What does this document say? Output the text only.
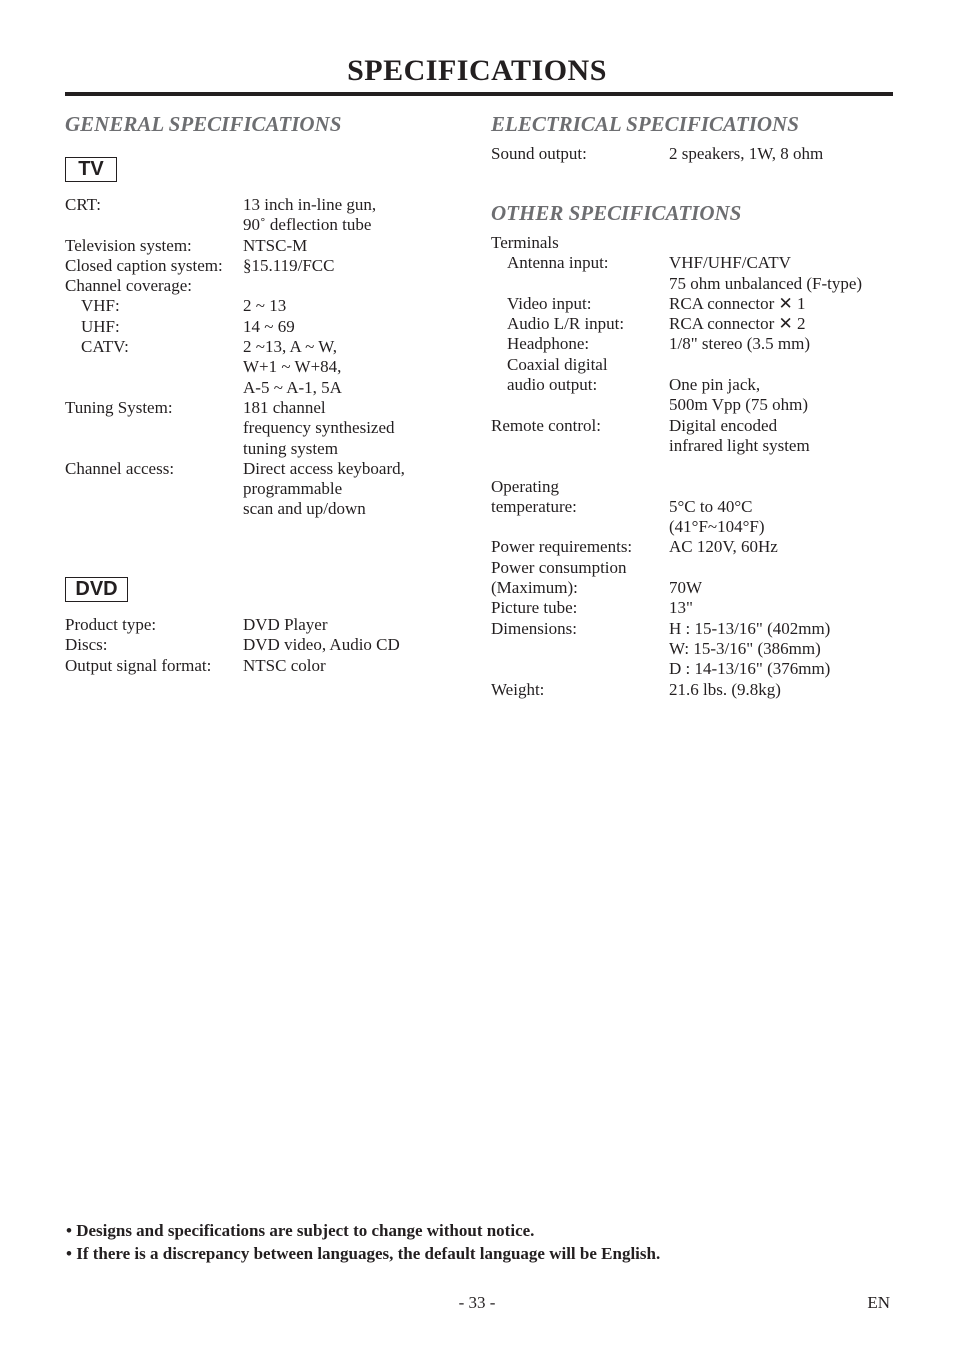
SPECIFICATIONS
GENERAL SPECIFICATIONS
TV
CRT:	13 inch in-line gun,
90˚ deflection tube
Television system:	NTSC-M
Closed caption system:	§15.119/FCC
Channel coverage:
VHF:	2 ~ 13
UHF:	14 ~ 69
CATV:	2 ~13, A ~ W,
W+1 ~ W+84,
A-5 ~ A-1, 5A
Tuning System:	181 channel
frequency synthesized
tuning system
Channel access:	Direct access keyboard,
programmable
scan and up/down
DVD
Product type:	DVD Player
Discs:	DVD video, Audio CD
Output signal format:	NTSC color
ELECTRICAL SPECIFICATIONS
Sound output:	2 speakers, 1W, 8 ohm
OTHER SPECIFICATIONS
Terminals
Antenna input:	VHF/UHF/CATV
75 ohm unbalanced (F-type)
Video input:	RCA connector ✕ 1
Audio L/R input:	RCA connector ✕ 2
Headphone:	1/8" stereo (3.5 mm)
Coaxial digital
audio output:	One pin jack,
500m Vpp (75 ohm)
Remote control:	Digital encoded
infrared light system
Operating
temperature:	5°C to 40°C
(41°F~104°F)
Power requirements:	AC 120V, 60Hz
Power consumption
(Maximum):	70W
Picture tube:	13"
Dimensions:	H : 15-13/16" (402mm)
W: 15-3/16" (386mm)
D : 14-13/16" (376mm)
Weight:	21.6 lbs. (9.8kg)
• Designs and specifications are subject to change without notice.
• If there is a discrepancy between languages, the default language will be English.
- 33 -	EN
